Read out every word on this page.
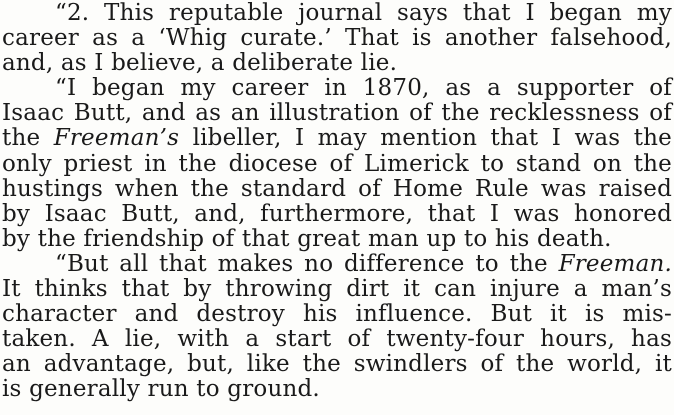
“2. This reputable journal says that I began my
career as a ‘Whig curate.’ That is another falsehood,
and, as I believe, a deliberate lie.
“I began my career in 1870, as a supporter of
Isaac Butt, and as an illustration of the recklessness of
the Freeman’s libeller, I may mention that I was the
only priest in the diocese of Limerick to stand on the
hustings when the standard of Home Rule was raised
by Isaac Butt, and, furthermore, that I was honored
by the friendship of that great man up to his death.
“But all that makes no difference to the Freeman.
It thinks that by throwing dirt it can injure a man’s
character and destroy his influence. But it is mis-
taken. A lie, with a start of twenty-four hours, has
an advantage, but, like the swindlers of the world, it
is generally run to ground.
